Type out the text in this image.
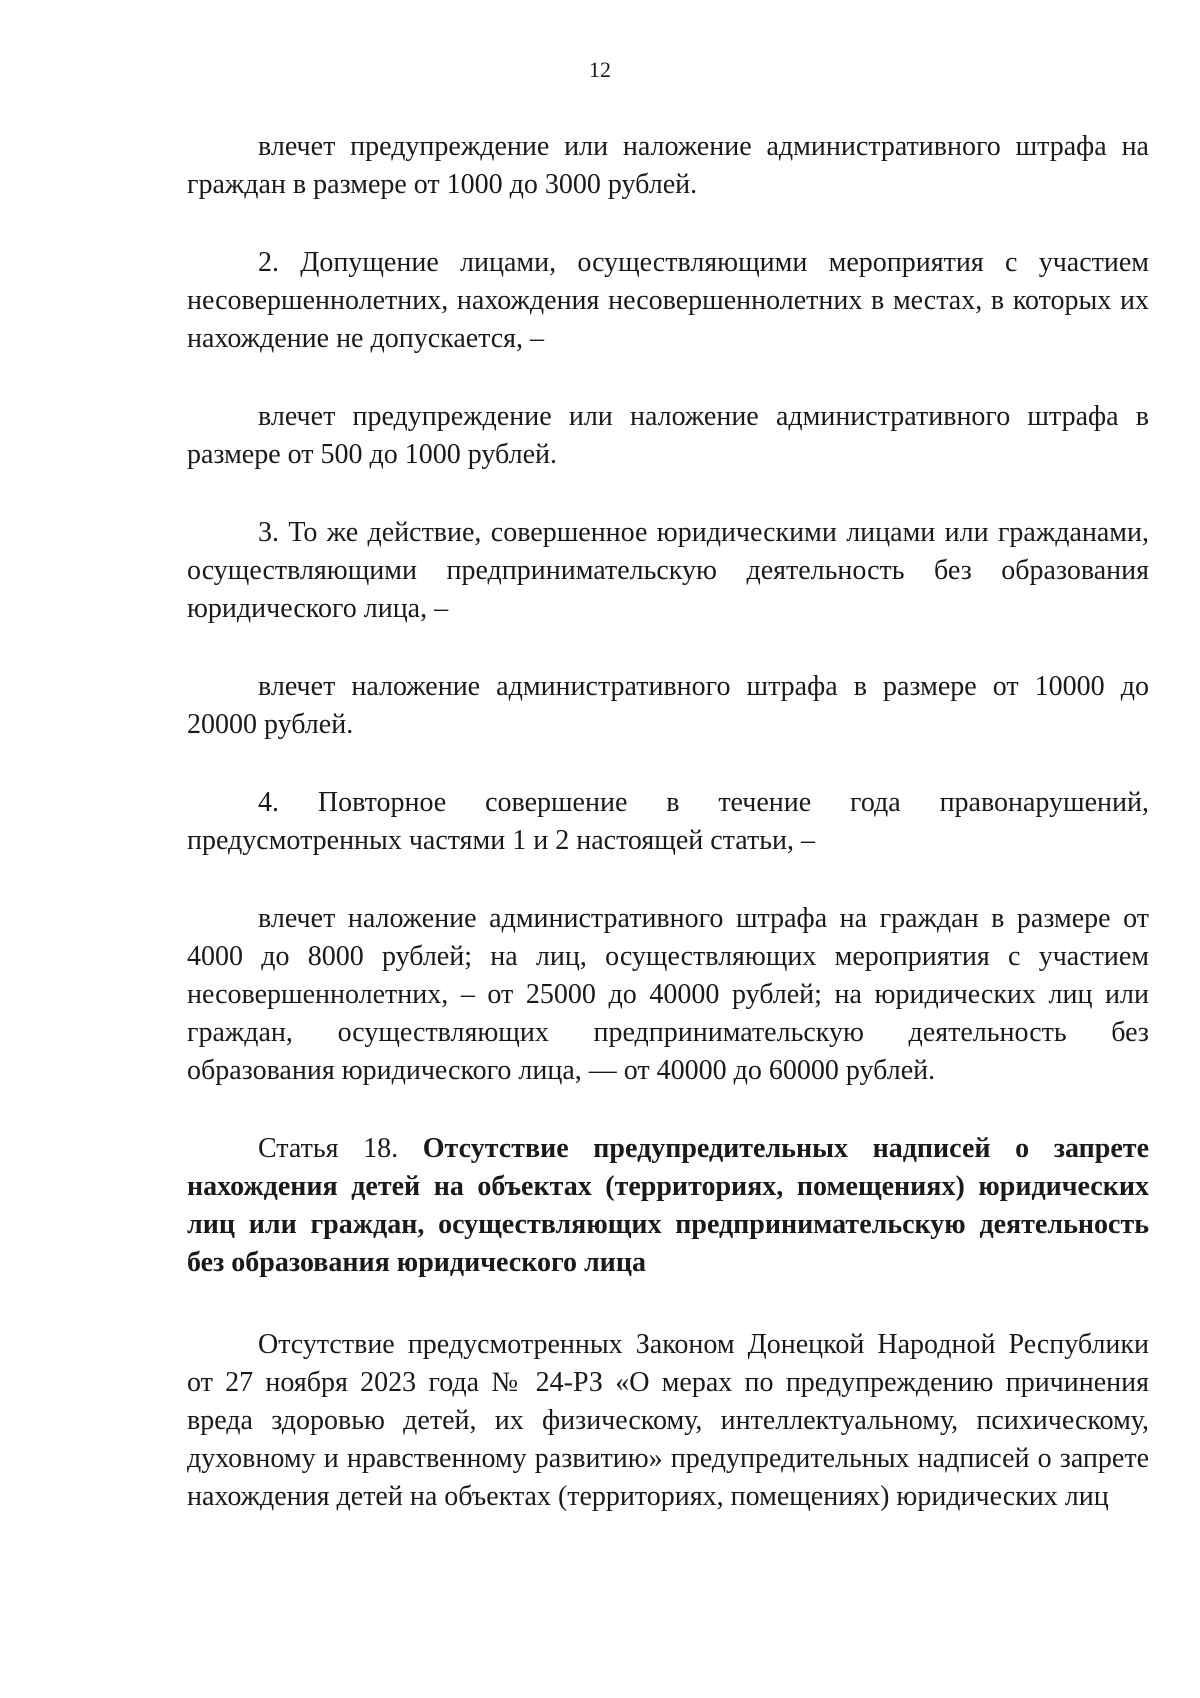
12

влечет предупреждение или наложение административного штрафа на граждан в размере от 1000 до 3000 рублей.

2. Допущение лицами, осуществляющими мероприятия с участием несовершеннолетних, нахождения несовершеннолетних в местах, в которых их нахождение не допускается, –

влечет предупреждение или наложение административного штрафа в размере от 500 до 1000 рублей.

3. То же действие, совершенное юридическими лицами или гражданами, осуществляющими предпринимательскую деятельность без образования юридического лица, –

влечет наложение административного штрафа в размере от 10000 до 20000 рублей.

4. Повторное совершение в течение года правонарушений, предусмотренных частями 1 и 2 настоящей статьи, –

влечет наложение административного штрафа на граждан в размере от 4000 до 8000 рублей; на лиц, осуществляющих мероприятия с участием несовершеннолетних, – от 25000 до 40000 рублей; на юридических лиц или граждан, осуществляющих предпринимательскую деятельность без образования юридического лица, — от 40000 до 60000 рублей.

Статья 18. Отсутствие предупредительных надписей о запрете нахождения детей на объектах (территориях, помещениях) юридических лиц или граждан, осуществляющих предпринимательскую деятельность без образования юридического лица

Отсутствие предусмотренных Законом Донецкой Народной Республики от 27 ноября 2023 года № 24-РЗ «О мерах по предупреждению причинения вреда здоровью детей, их физическому, интеллектуальному, психическому, духовному и нравственному развитию» предупредительных надписей о запрете нахождения детей на объектах (территориях, помещениях) юридических лиц
